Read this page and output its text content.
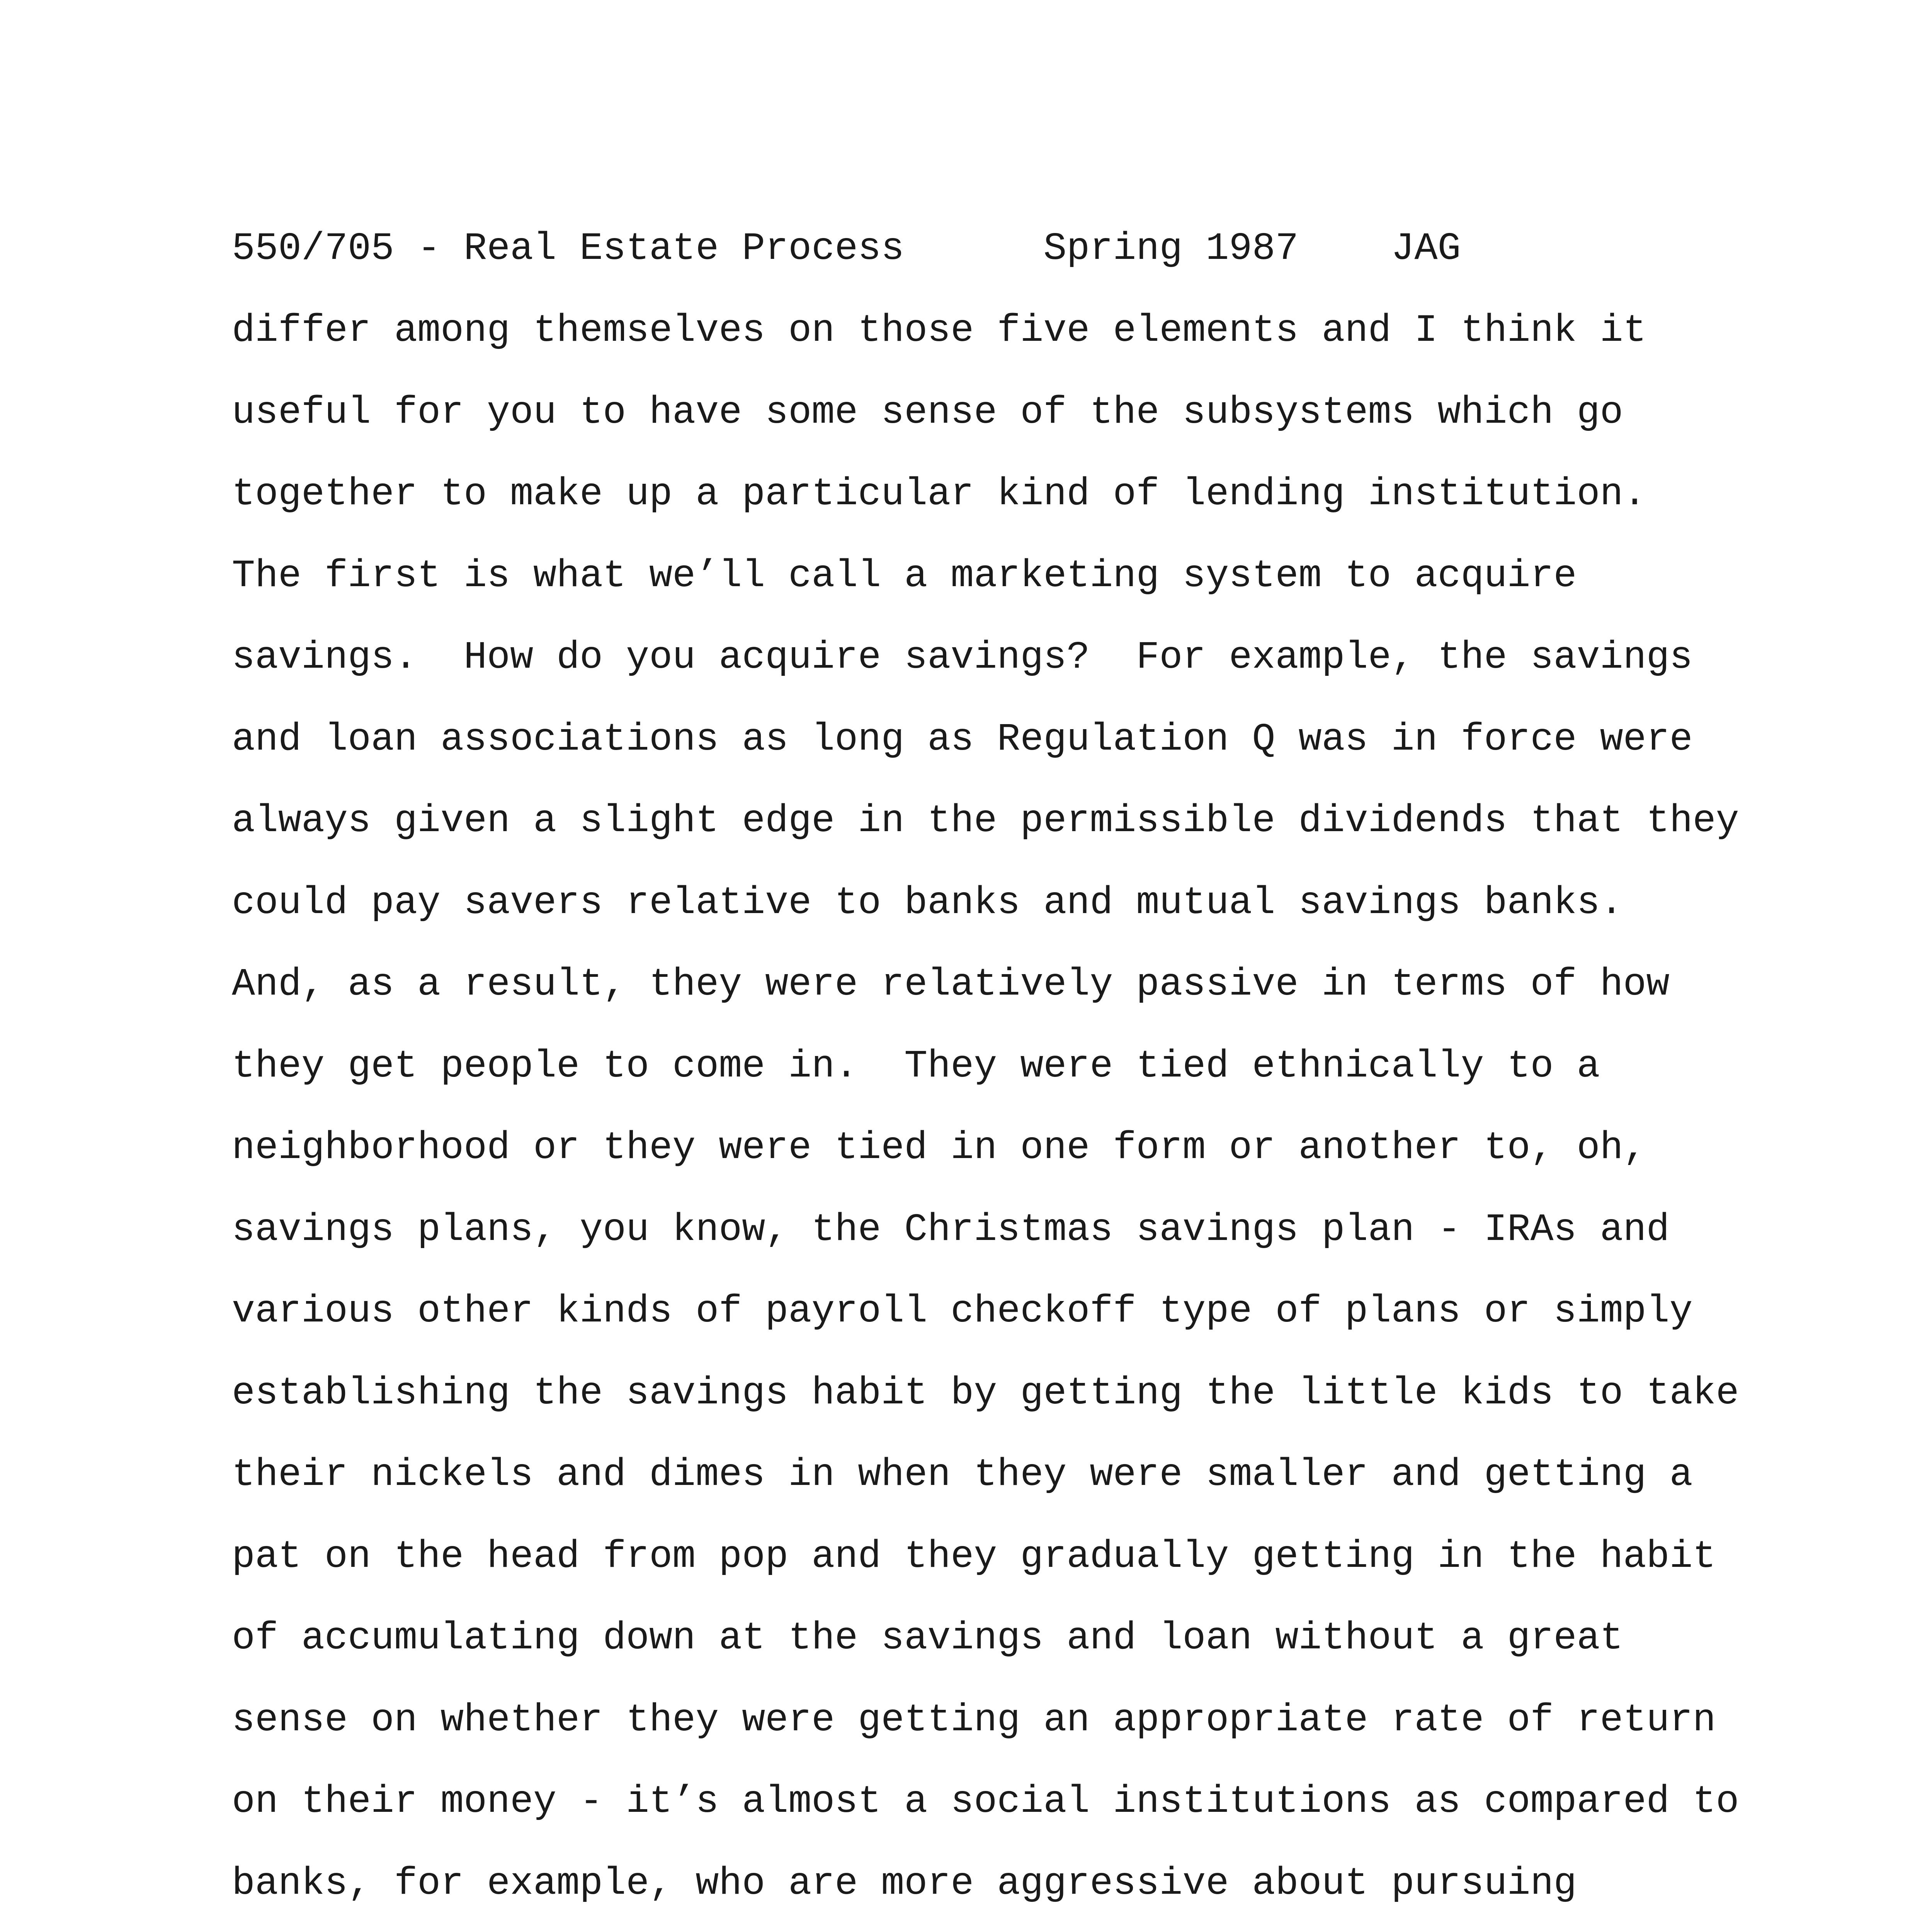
550/705 - Real Estate Process	Spring 1987 JAG
differ among themselves on those five elements and I think it
useful for you to have some sense of the subsystems which go
together to make up a particular kind of lending institution.
The first is what we’ll call a marketing system to acquire
savings.  How do you acquire savings?  For example, the savings
and loan associations as long as Regulation Q was in force were
always given a slight edge in the permissible dividends that they
could pay savers relative to banks and mutual savings banks.
And, as a result, they were relatively passive in terms of how
they get people to come in.  They were tied ethnically to a
neighborhood or they were tied in one form or another to, oh,
savings plans, you know, the Christmas savings plan - IRAs and
various other kinds of payroll checkoff type of plans or simply
establishing the savings habit by getting the little kids to take
their nickels and dimes in when they were smaller and getting a
pat on the head from pop and they gradually getting in the habit
of accumulating down at the savings and loan without a great
sense on whether they were getting an appropriate rate of return
on their money - it’s almost a social institutions as compared to
banks, for example, who are more aggressive about pursuing
